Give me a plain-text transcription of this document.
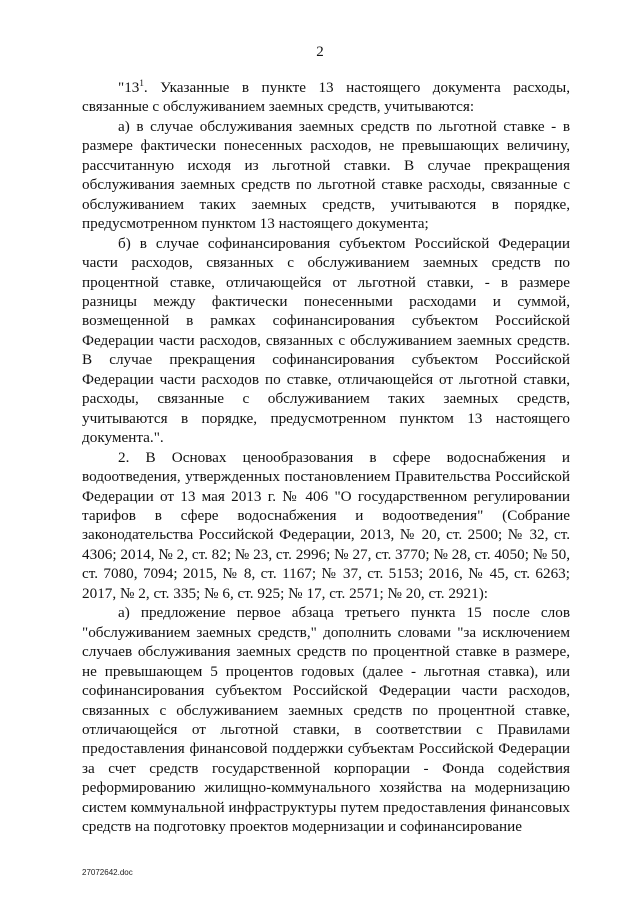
2

"$13^1$. Указанные в пункте 13 настоящего документа расходы, связанные с обслуживанием заемных средств, учитываются:

а) в случае обслуживания заемных средств по льготной ставке - в размере фактически понесенных расходов, не превышающих величину, рассчитанную исходя из льготной ставки. В случае прекращения обслуживания заемных средств по льготной ставке расходы, связанные с обслуживанием таких заемных средств, учитываются в порядке, предусмотренном пунктом 13 настоящего документа;

б) в случае софинансирования субъектом Российской Федерации части расходов, связанных с обслуживанием заемных средств по процентной ставке, отличающейся от льготной ставки, - в размере разницы между фактически понесенными расходами и суммой, возмещенной в рамках софинансирования субъектом Российской Федерации части расходов, связанных с обслуживанием заемных средств. В случае прекращения софинансирования субъектом Российской Федерации части расходов по ставке, отличающейся от льготной ставки, расходы, связанные с обслуживанием таких заемных средств, учитываются в порядке, предусмотренном пунктом 13 настоящего документа.".

2. В Основах ценообразования в сфере водоснабжения и водоотведения, утвержденных постановлением Правительства Российской Федерации от 13 мая 2013 г. № 406 "О государственном регулировании тарифов в сфере водоснабжения и водоотведения" (Собрание законодательства Российской Федерации, 2013, № 20, ст. 2500; № 32, ст. 4306; 2014, № 2, ст. 82; № 23, ст. 2996; № 27, ст. 3770; № 28, ст. 4050; № 50, ст. 7080, 7094; 2015, № 8, ст. 1167; № 37, ст. 5153; 2016, № 45, ст. 6263; 2017, № 2, ст. 335; № 6, ст. 925; № 17, ст. 2571; № 20, ст. 2921):

а) предложение первое абзаца третьего пункта 15 после слов "обслуживанием заемных средств," дополнить словами "за исключением случаев обслуживания заемных средств по процентной ставке в размере, не превышающем 5 процентов годовых (далее - льготная ставка), или софинансирования субъектом Российской Федерации части расходов, связанных с обслуживанием заемных средств по процентной ставке, отличающейся от льготной ставки, в соответствии с Правилами предоставления финансовой поддержки субъектам Российской Федерации за счет средств государственной корпорации - Фонда содействия реформированию жилищно-коммунального хозяйства на модернизацию систем коммунальной инфраструктуры путем предоставления финансовых средств на подготовку проектов модернизации и софинансирование

27072642.doc
